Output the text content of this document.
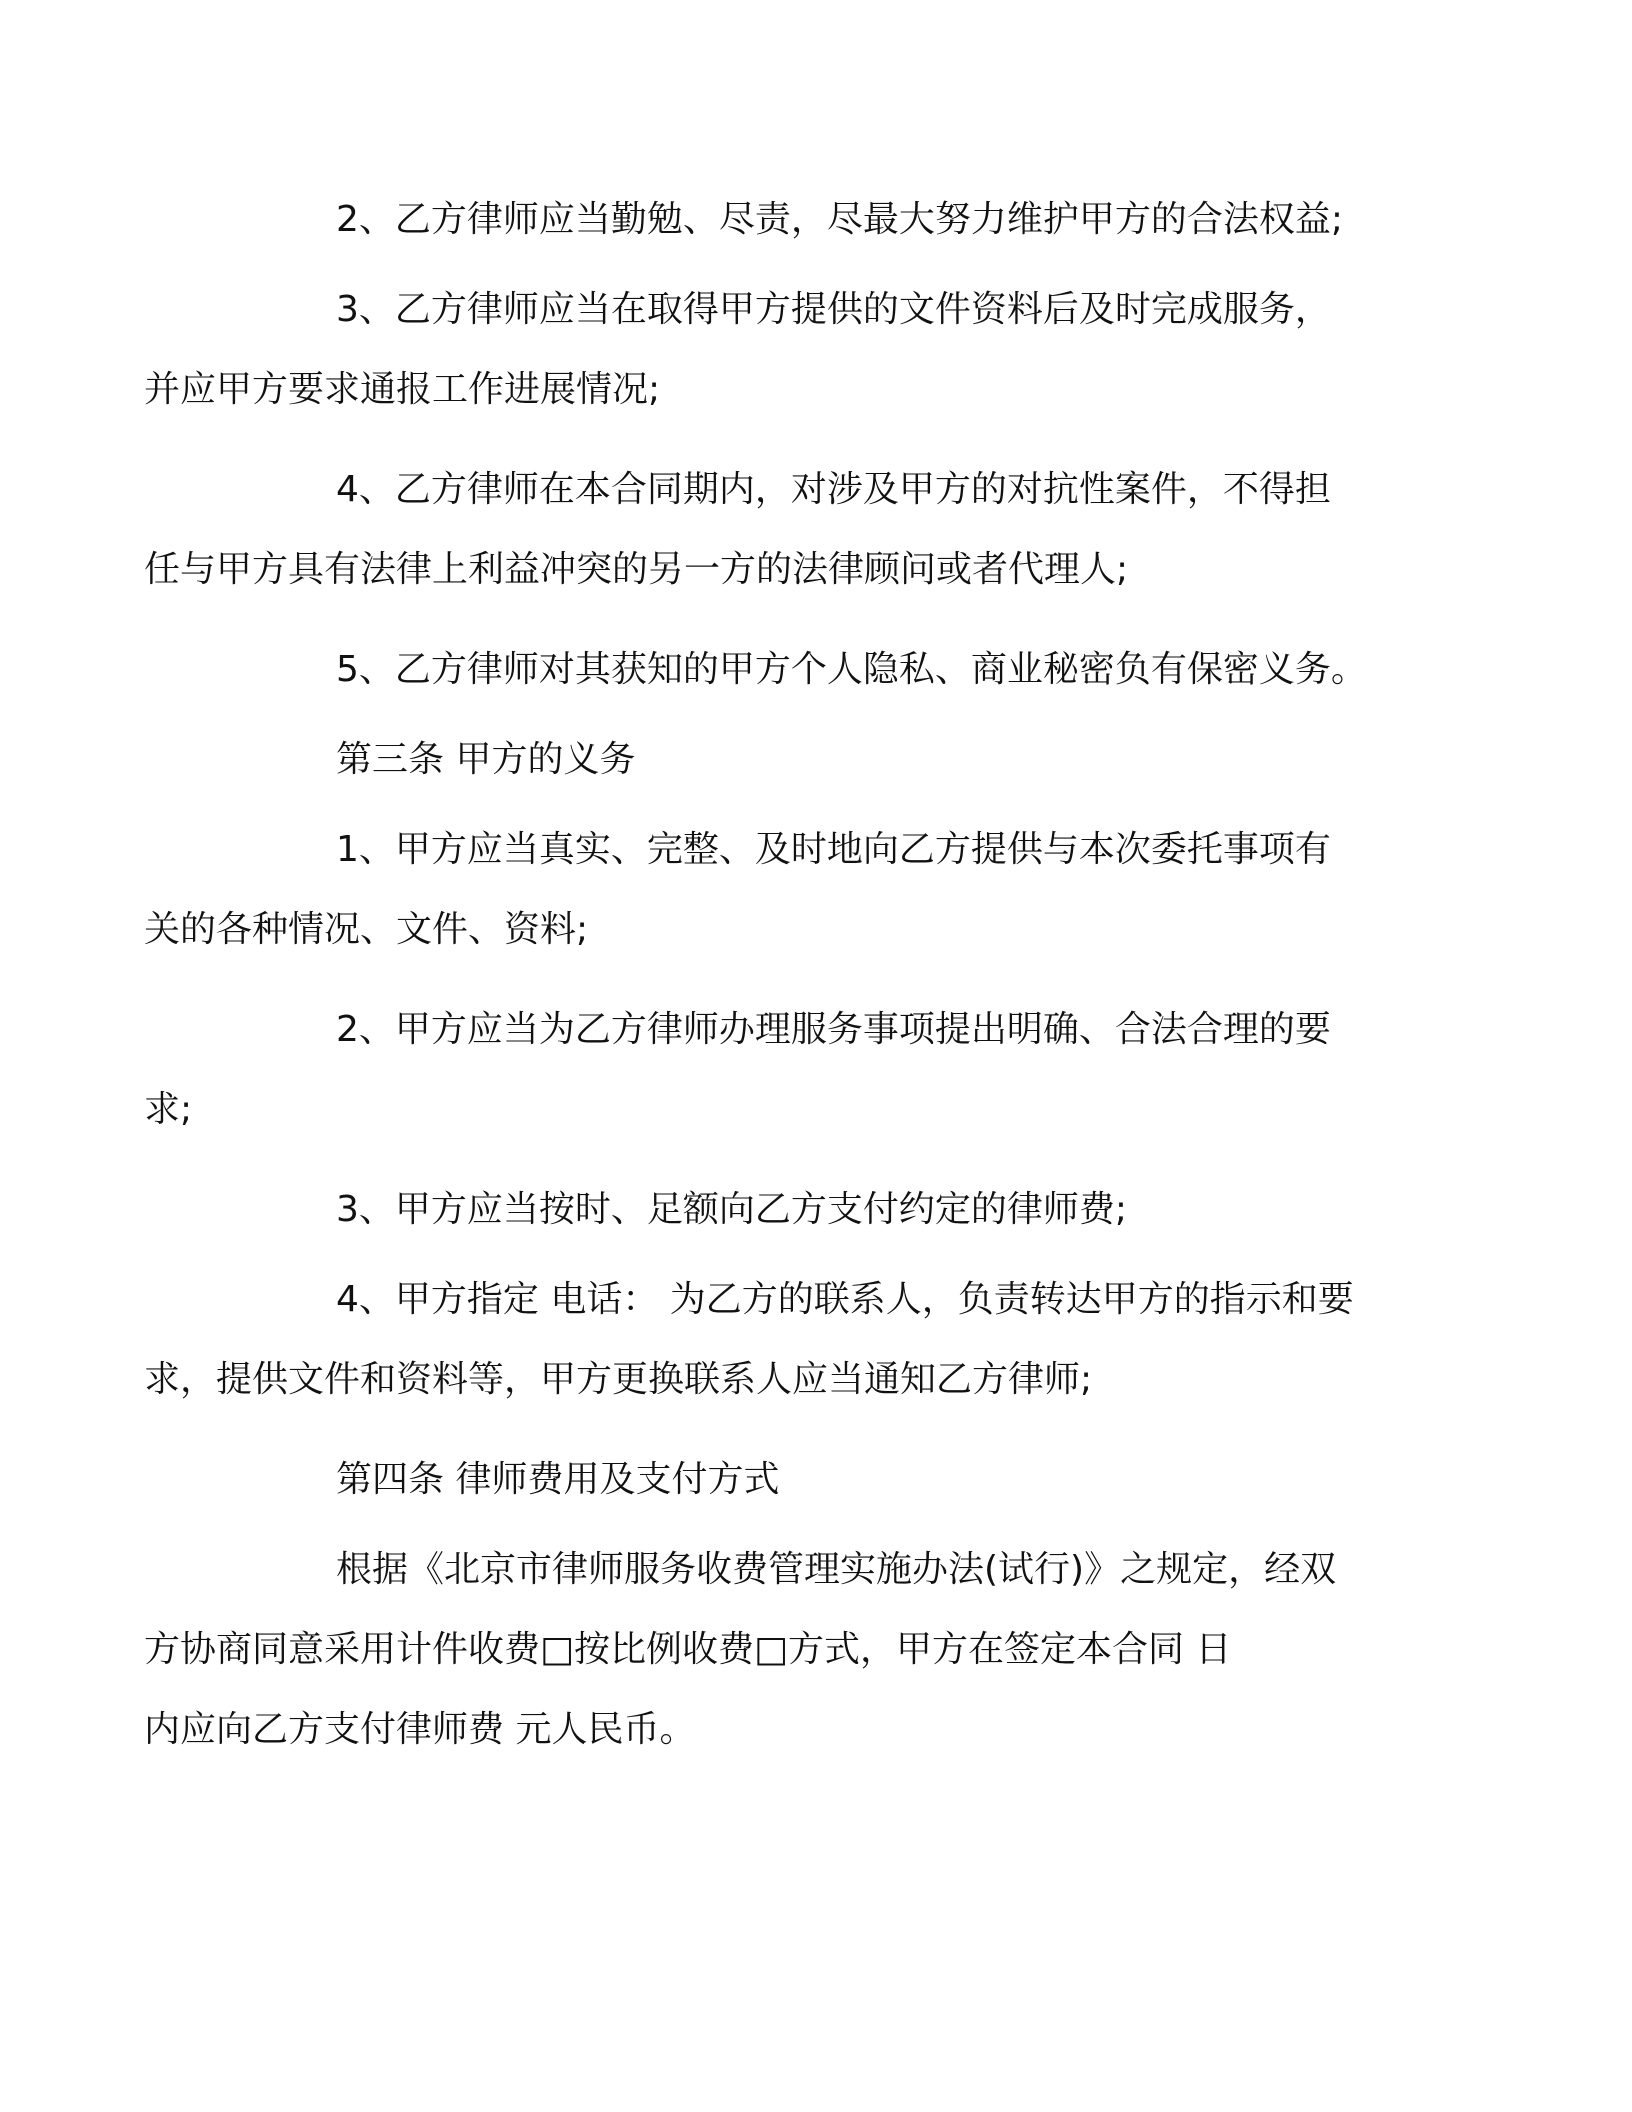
2、乙方律师应当勤勉、尽责，尽最大努力维护甲方的合法权益;
3、乙方律师应当在取得甲方提供的文件资料后及时完成服务，
并应甲方要求通报工作进展情况;
4、乙方律师在本合同期内，对涉及甲方的对抗性案件，不得担
任与甲方具有法律上利益冲突的另一方的法律顾问或者代理人;
5、乙方律师对其获知的甲方个人隐私、商业秘密负有保密义务。
第三条 甲方的义务
1、甲方应当真实、完整、及时地向乙方提供与本次委托事项有
关的各种情况、文件、资料;
2、甲方应当为乙方律师办理服务事项提出明确、合法合理的要
求;
3、甲方应当按时、足额向乙方支付约定的律师费;
4、甲方指定 电话： 为乙方的联系人，负责转达甲方的指示和要
求，提供文件和资料等，甲方更换联系人应当通知乙方律师;
第四条 律师费用及支付方式
根据《北京市律师服务收费管理实施办法(试行)》之规定，经双
方协商同意采用计件收费□按比例收费□方式，甲方在签定本合同 日
内应向乙方支付律师费 元人民币。
